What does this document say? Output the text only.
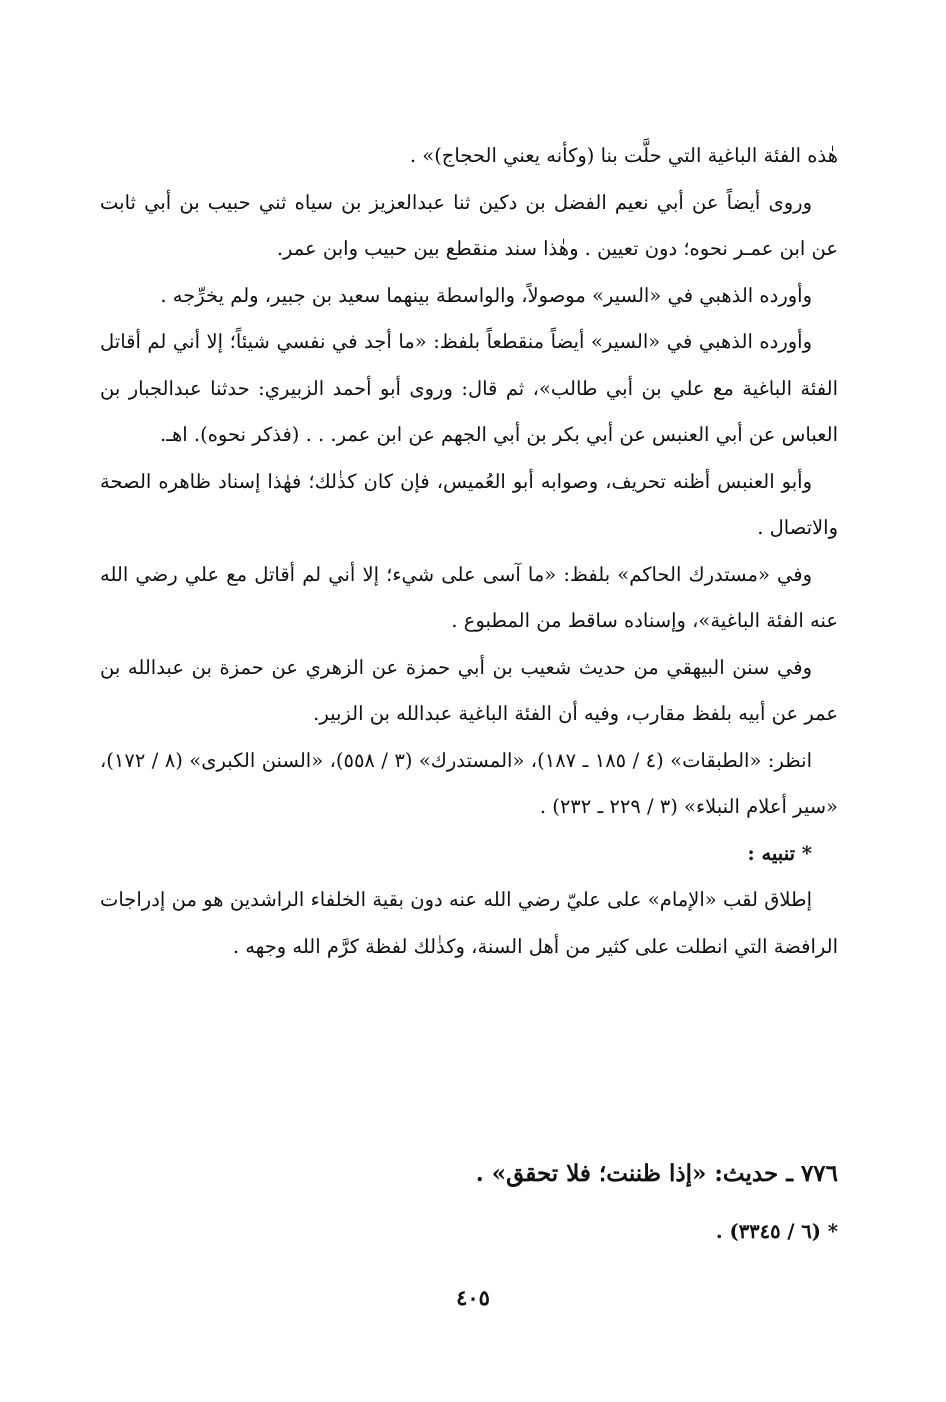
هٰذه الفئة الباغية التي حلَّت بنا (وكأنه يعني الحجاج)» .

وروى أيضاً عن أبي نعيم الفضل بن دكين ثنا عبدالعزيز بن سياه ثني حبيب بن أبي ثابت عن ابن عمـر نحوه؛ دون تعيين . وهٰذا سند منقطع بين حبيب وابن عمر.

وأورده الذهبي في «السير» موصولاً، والواسطة بينهما سعيد بن جبير، ولم يخرِّجه .

وأورده الذهبي في «السير» أيضاً منقطعاً بلفظ: «ما أجد في نفسي شيئاً؛ إلا أني لم أقاتل الفئة الباغية مع علي بن أبي طالب»، ثم قال: وروى أبو أحمد الزبيري: حدثنا عبدالجبار بن العباس عن أبي العنبس عن أبي بكر بن أبي الجهم عن ابن عمر. . . (فذكر نحوه). اهـ.

وأبو العنبس أظنه تحريف، وصوابه أبو العُميس، فإن كان كذٰلك؛ فهٰذا إسناد ظاهره الصحة والاتصال .

وفي «مستدرك الحاكم» بلفظ: «ما آسى على شيء؛ إلا أني لم أقاتل مع علي رضي الله عنه الفئة الباغية»، وإسناده ساقط من المطبوع .

وفي سنن البيهقي من حديث شعيب بن أبي حمزة عن الزهري عن حمزة بن عبدالله بن عمر عن أبيه بلفظ مقارب، وفيه أن الفئة الباغية عبدالله بن الزبير.

انظر: «الطبقات» (٤ / ١٨٥ ـ ١٨٧)، «المستدرك» (٣ / ٥٥٨)، «السنن الكبرى» (٨ / ١٧٢)، «سير أعلام النبلاء» (٣ / ٢٢٩ ـ ٢٣٢) .

* تنبيه :

إطلاق لقب «الإمام» على عليّ رضي الله عنه دون بقية الخلفاء الراشدين هو من إدراجات الرافضة التي انطلت على كثير من أهل السنة، وكذٰلك لفظة كرَّم الله وجهه .

٧٧٦ ـ حديث: «إذا ظننت؛ فلا تحقق» .
* (٦ / ٣٣٤٥) .
٤٠٥
